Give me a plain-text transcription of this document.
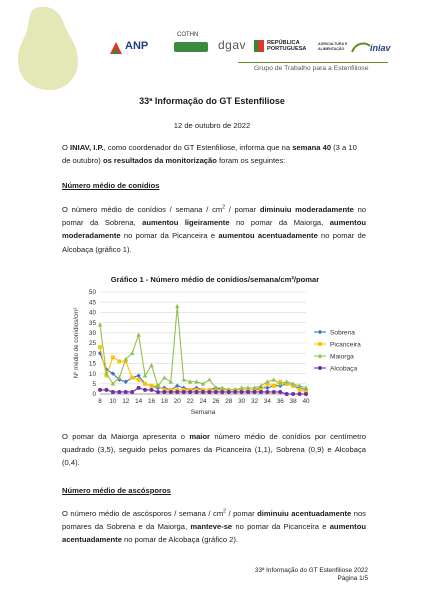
ANP
COTHN
dgav	REPÚBLICA PORTUGUESA
AGRICULTURA E ALIMENTAÇÃO	iniav
Grupo de Trabalho para a Estenfiliose
33ª Informação do GT Estenfiliose
12 de outubro de 2022
O INIAV, I.P., como coordenador do GT Estenfiliose, informa que na semana 40 (3 a 10 de outubro) os resultados da monitorização foram os seguintes:
Número médio de conídios
O número médio de conídios / semana / $cm^2$ / pomar diminuiu moderadamente no pomar da Sobrena, aumentou ligeiramente no pomar da Maiorga, aumentou moderadamente no pomar da Picanceira e aumentou acentuadamente no pomar de Alcobaça (gráfico 1).
Gráfico 1 - Número médio de conídios/semana/cm²/pomar
0
5
10
15
20
25
30
35
40
45
50
8 10 12 14 16 18 20 22 24 26 28 30 32 34 36 38 40
Semana
Nº médio de conídios/cm²	Sobrena
Picanceira
Maiorga
Alcobaça
O pomar da Maiorga apresenta o maior número médio de conídios por centímetro quadrado (3,5), seguido pelos pomares da Picanceira (1,1), Sobrena (0,9) e Alcobaça (0,4).
Número médio de ascósporos
O número médio de ascósporos / semana / $cm^2$ / pomar diminuiu acentuadamente nos pomares da Sobrena e da Maiorga, manteve-se no pomar da Picanceira e aumentou acentuadamente no pomar de Alcobaça (gráfico 2).
33ª Informação do GT Estenfiliose 2022
Página 1/5
